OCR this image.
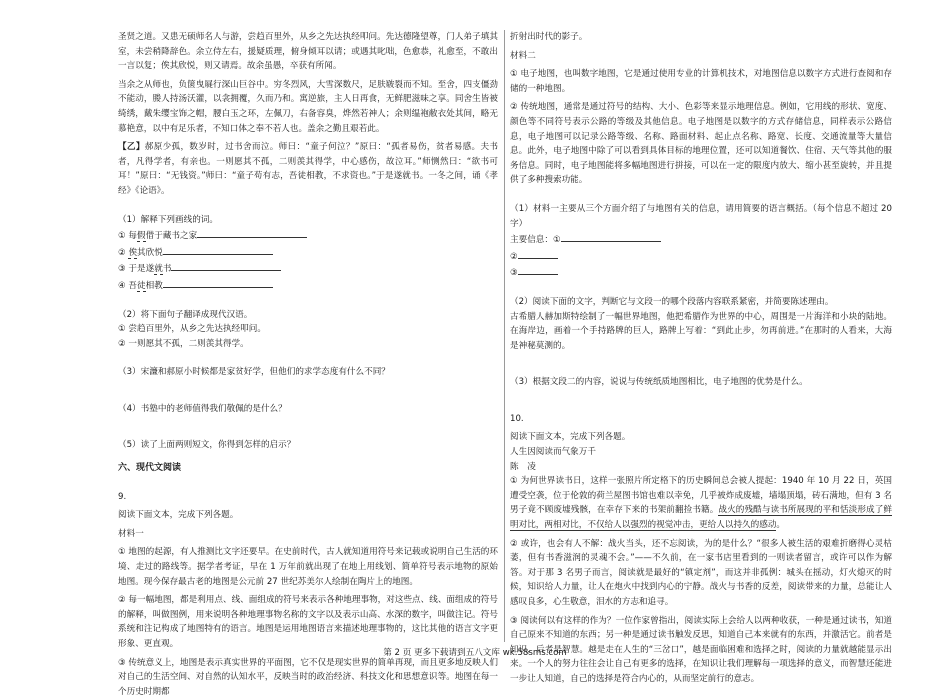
圣贤之道。又患无硕师名人与游，尝趋百里外，从乡之先达执经叩问。先达德隆望尊，门人弟子填其室，未尝稍降辞色。余立侍左右，援疑质理，俯身倾耳以请；或遇其叱咄，色愈恭，礼愈至，不敢出一言以复；俟其欣悦，则又请焉。故余虽愚，卒获有所闻。

当余之从师也，负箧曳屣行深山巨谷中。穷冬烈风，大雪深数尺，足肤皲裂而不知。至舍，四支僵劲不能动，媵人持汤沃灌，以衾拥覆，久而乃和。寓逆旅，主人日再食，无鲜肥滋味之享。同舍生皆被绮绣，戴朱缨宝饰之帽，腰白玉之环，左佩刀，右备容臭，烨然若神人；余则缊袍敝衣处其间，略无慕艳意，以中有足乐者，不知口体之奉不若人也。盖余之勤且艰若此。

【乙】郝原少孤，数岁时，过书舍而泣。师曰：“童子何泣？”原曰：“孤者易伤，贫者易感。夫书者，凡得学者，有亲也。一则愿其不孤，二则羡其得学，中心感伤，故泣耳。”师恻然曰：“欲书可耳！”原曰：“无钱资。”师曰：“童子苟有志，吾徒相教，不求资也。”于是遂就书。一冬之间，诵《孝经》《论语》。

（1）解释下列画线的词。

① 每假借于藏书之家

② 俟其欣悦

③ 于是遂就书

④ 吾徒相教

（2）将下面句子翻译成现代汉语。

① 尝趋百里外，从乡之先达执经叩问。

② 一则愿其不孤，二则羡其得学。

（3）宋濂和郝原小时候都是家贫好学，但他们的求学态度有什么不同？

（4）书塾中的老师值得我们敬佩的是什么？

（5）读了上面两则短文，你得到怎样的启示？

六、现代文阅读

9.

阅读下面文本，完成下列各题。

材料一

① 地图的起源，有人推测比文字还要早。在史前时代，古人就知道用符号来记载或说明自己生活的环境、走过的路线等。据学者考证，早在 1 万年前就出现了在地上用线划、简单符号表示地物的原始地图。现今保存最古老的地图是公元前 27 世纪苏美尔人绘制在陶片上的地图。

② 每一幅地图，都是利用点、线、面组成的符号来表示各种地理事物，对这些点、线、面组成的符号的解释，叫做图例，用来说明各种地理事物名称的文字以及表示山高、水深的数字，叫做注记。符号系统和注记构成了地图特有的语言。地图是运用地图语言来描述地理事物的，这比其他的语言文字更形象、更直观。

③ 传统意义上，地图是表示真实世界的平面图，它不仅是现实世界的简单再现，而且更多地反映人们对自己的生活空间、对自然的认知水平，反映当时的政治经济、科技文化和思想意识等。地图在每一个历史时期都

折射出时代的影子。

材料二

① 电子地图，也叫数字地图，它是通过使用专业的计算机技术，对地图信息以数字方式进行查阅和存储的一种地图。

② 传统地图，通常是通过符号的结构、大小、色彩等来显示地理信息。例如，它用线的形状、宽度、颜色等不同符号表示公路的等级及其他信息。电子地图是以数字的方式存储信息，同样表示公路信息，电子地图可以记录公路等级、名称、路面材料、起止点名称、路宽、长度、交通流量等大量信息。此外，电子地图中除了可以看到具体目标的地理位置，还可以知道餐饮、住宿、天气等其他的服务信息。同时，电子地图能将多幅地图进行拼接，可以在一定的限度内放大、缩小甚至旋转，并且提供了多种搜索功能。

（1）材料一主要从三个方面介绍了与地图有关的信息，请用简要的语言概括。（每个信息不超过 20 字）

主要信息：①

②

③

（2）阅读下面的文字，判断它与文段一的哪个段落内容联系紧密，并简要陈述理由。

古希腊人赫加斯特绘制了一幅世界地图，他把希腊作为世界的中心，周围是一片海洋和小块的陆地。在海岸边，画着一个手持路牌的巨人，路牌上写着：“到此止步，勿再前进。”在那时的人看来，大海是神秘莫测的。

（3）根据文段二的内容，说说与传统纸质地图相比，电子地图的优势是什么。

10.

阅读下面文本，完成下列各题。

人生因阅读而气象万千

陈　凌

① 为何世界读书日，这样一张照片所定格下的历史瞬间总会被人提起：1940 年 10 月 22 日，英国遭受空袭，位于伦敦的荷兰屋图书馆也难以幸免，几乎被炸成废墟，墙塌顶塌，砖石满地，但有 3 名男子竟不顾废墟残骸，在幸存下来的书架前翻捡书籍。战火的残酷与读书所展现的平和恬淡形成了鲜明对比，两相对比，不仅给人以强烈的视觉冲击，更给人以持久的感动。

② 或许，也会有人不解：战火当头，还不忘阅读，为的是什么？“很多人被生活的艰难折磨得心灵枯萎，但有书香滋润的灵魂不会。”——不久前，在一家书店里看到的一则读者留言，或许可以作为解答。对于那 3 名男子而言，阅读就是最好的“镇定剂”，而这并非孤例：城头在摇动，灯火熄灭的时候，知识给人力量，让人在炮火中找到内心的宁静。战火与书香的反差，阅读带来的力量，总能让人感叹良多，心生敬意，泪水的方志和追寻。

③ 阅读何以有这样的作为？一位作家曾指出，阅读实际上会给人以两种收获，一种是通过读书，知道自己原来不知道的东西；另一种是通过读书触发反思，知道自己本来就有的东西，并激活它。前者是知识，后者是智慧。越是走在人生的“三岔口”，越是面临困难和选择之时，阅读的力量就越能显示出来。一个人的努力往往会让自己有更多的选择，在知识让我们理解每一项选择的意义，而智慧还能进一步让人知道，自己的选择是符合内心的，从而坚定前行的意志。

第 2 页 更多下载请到五八文库 wk.58sms.com
